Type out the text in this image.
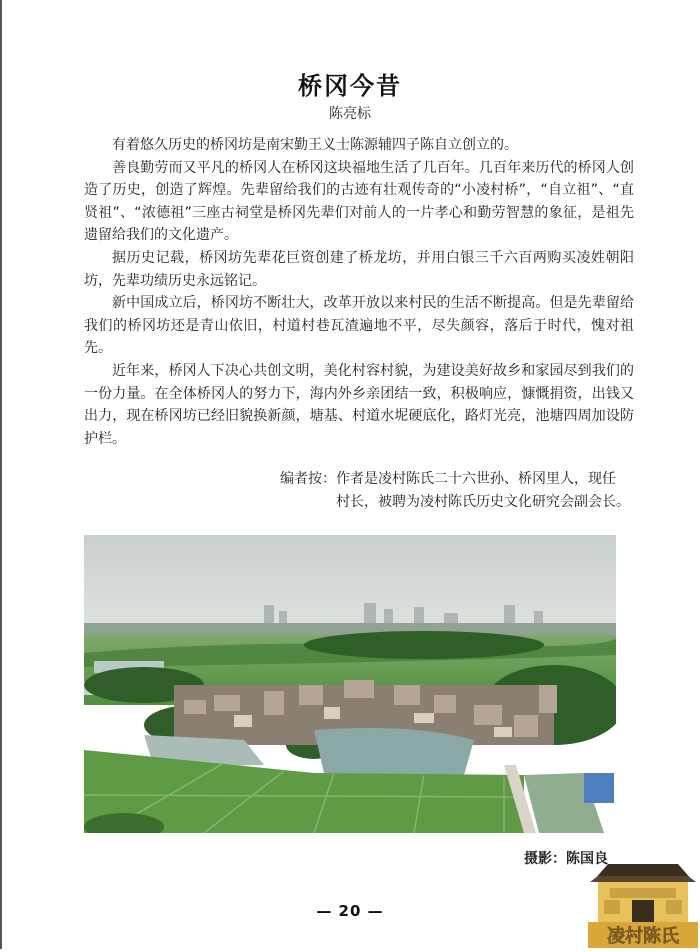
桥冈今昔
陈亮标

有着悠久历史的桥冈坊是南宋勤王义士陈源辅四子陈自立创立的。

善良勤劳而又平凡的桥冈人在桥冈这块福地生活了几百年。几百年来历代的桥冈人创造了历史，创造了辉煌。先辈留给我们的古迹有壮观传奇的“小凌村桥”，“自立祖”、“直贤祖”、“浓德祖”三座古祠堂是桥冈先辈们对前人的一片孝心和勤劳智慧的象征，是祖先遗留给我们的文化遗产。

据历史记载，桥冈坊先辈花巨资创建了桥龙坊，并用白银三千六百两购买凌姓朝阳坊，先辈功绩历史永远铭记。

新中国成立后，桥冈坊不断壮大，改革开放以来村民的生活不断提高。但是先辈留给我们的桥冈坊还是青山依旧，村道村巷瓦渣遍地不平，尽失颜容，落后于时代，愧对祖先。

近年来，桥冈人下决心共创文明，美化村容村貌，为建设美好故乡和家园尽到我们的一份力量。在全体桥冈人的努力下，海内外乡亲团结一致，积极响应，慷慨捐资，出钱又出力，现在桥冈坊已经旧貌换新颜，塘基、村道水坭硬底化，路灯光亮，池塘四周加设防护栏。

编者按：作者是凌村陈氏二十六世孙、桥冈里人，现任
村长，被聘为凌村陈氏历史文化研究会副会长。
摄影：陈国良
— 20 —
凌村陈氏
